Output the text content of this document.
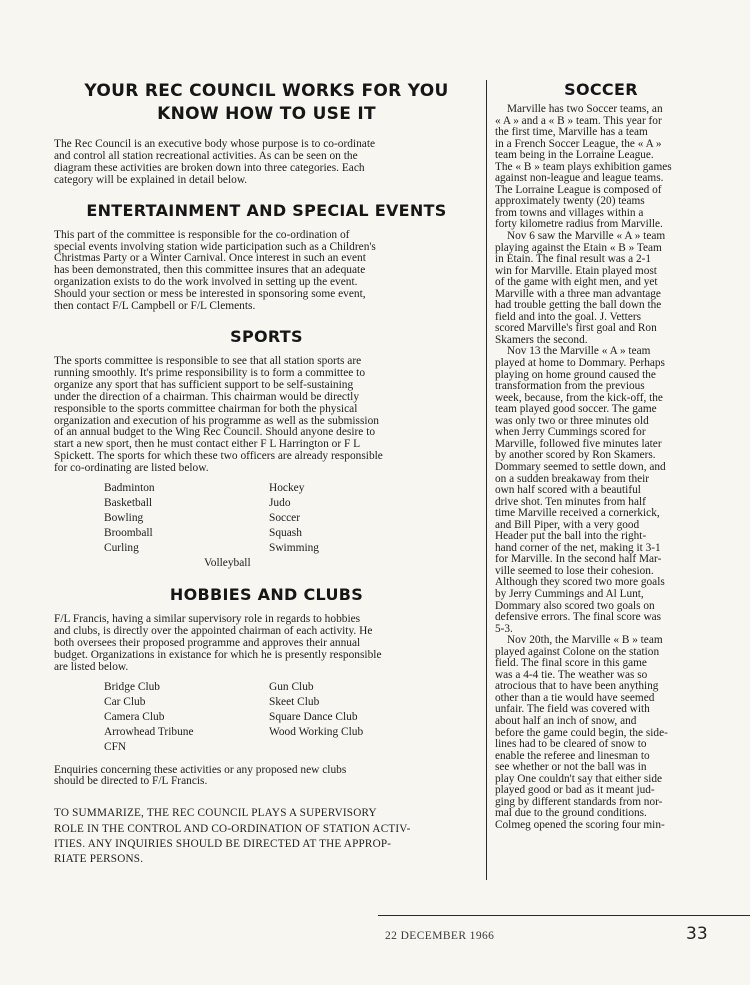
YOUR REC COUNCIL WORKS FOR YOU
KNOW HOW TO USE IT
The Rec Council is an executive body whose purpose is to co-ordinate
and control all station recreational activities. As can be seen on the
diagram these activities are broken down into three categories. Each
category will be explained in detail below.
ENTERTAINMENT AND SPECIAL EVENTS
This part of the committee is responsible for the co-ordination of
special events involving station wide participation such as a Children's
Christmas Party or a Winter Carnival. Once interest in such an event
has been demonstrated, then this committee insures that an adequate
organization exists to do the work involved in setting up the event.
Should your section or mess be interested in sponsoring some event,
then contact F/L Campbell or F/L Clements.
SPORTS
The sports committee is responsible to see that all station sports are
running smoothly. It's prime responsibility is to form a committee to
organize any sport that has sufficient support to be self-sustaining
under the direction of a chairman. This chairman would be directly
responsible to the sports committee chairman for both the physical
organization and execution of his programme as well as the submission
of an annual budget to the Wing Rec Council. Should anyone desire to
start a new sport, then he must contact either F L Harrington or F L
Spickett. The sports for which these two officers are already responsible
for co-ordinating are listed below.
Badminton	Hockey
Basketball	Judo
Bowling	Soccer
Broomball	Squash
Curling	Swimming
Volleyball
HOBBIES AND CLUBS
F/L Francis, having a similar supervisory role in regards to hobbies
and clubs, is directly over the appointed chairman of each activity. He
both oversees their proposed programme and approves their annual
budget. Organizations in existance for which he is presently responsible
are listed below.
Bridge Club	Gun Club
Car Club	Skeet Club
Camera Club	Square Dance Club
Arrowhead Tribune	Wood Working Club
CFN
Enquiries concerning these activities or any proposed new clubs
should be directed to F/L Francis.
TO SUMMARIZE, THE REC COUNCIL PLAYS A SUPERVISORY
ROLE IN THE CONTROL AND CO-ORDINATION OF STATION ACTIV-
ITIES. ANY INQUIRIES SHOULD BE DIRECTED AT THE APPROP-
RIATE PERSONS.
SOCCER
Marville has two Soccer teams, an
« A » and a « B » team. This year for
the first time, Marville has a team
in a French Soccer League, the « A »
team being in the Lorraine League.
The « B » team plays exhibition games
against non-league and league teams.
The Lorraine League is composed of
approximately twenty (20) teams
from towns and villages within a
forty kilometre radius from Marville.
Nov 6 saw the Marville « A » team
playing against the Etain « B » Team
in Etain. The final result was a 2-1
win for Marville. Etain played most
of the game with eight men, and yet
Marville with a three man advantage
had trouble getting the ball down the
field and into the goal. J. Vetters
scored Marville's first goal and Ron
Skamers the second.
Nov 13 the Marville « A » team
played at home to Dommary. Perhaps
playing on home ground caused the
transformation from the previous
week, because, from the kick-off, the
team played good soccer. The game
was only two or three minutes old
when Jerry Cummings scored for
Marville, followed five minutes later
by another scored by Ron Skamers.
Dommary seemed to settle down, and
on a sudden breakaway from their
own half scored with a beautiful
drive shot. Ten minutes from half
time Marville received a cornerkick,
and Bill Piper, with a very good
Header put the ball into the right-
hand corner of the net, making it 3-1
for Marville. In the second half Mar-
ville seemed to lose their cohesion.
Although they scored two more goals
by Jerry Cummings and Al Lunt,
Dommary also scored two goals on
defensive errors. The final score was
5-3.
Nov 20th, the Marville « B » team
played against Colone on the station
field. The final score in this game
was a 4-4 tie. The weather was so
atrocious that to have been anything
other than a tie would have seemed
unfair. The field was covered with
about half an inch of snow, and
before the game could begin, the side-
lines had to be cleared of snow to
enable the referee and linesman to
see whether or not the ball was in
play One couldn't say that either side
played good or bad as it meant jud-
ging by different standards from nor-
mal due to the ground conditions.
Colmeg opened the scoring four min-
22 DECEMBER 1966	33
